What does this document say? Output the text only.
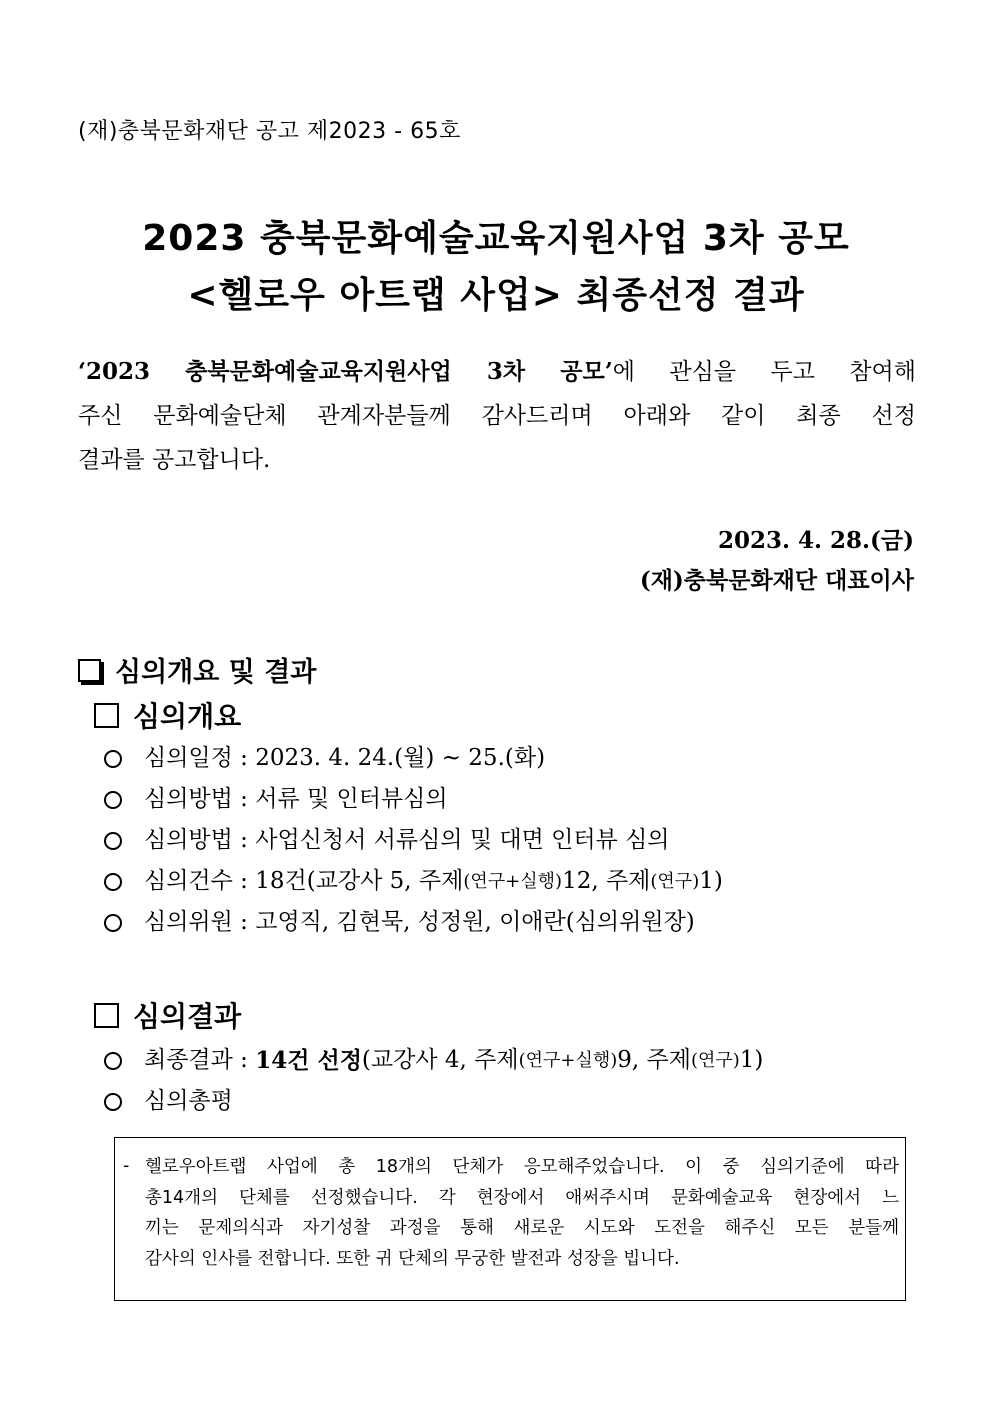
(재)충북문화재단 공고 제2023 - 65호
2023 충북문화예술교육지원사업 3차 공모
<헬로우 아트랩 사업> 최종선정 결과
‘2023 충북문화예술교육지원사업 3차 공모’에 관심을 두고 참여해
주신 문화예술단체 관계자분들께 감사드리며 아래와 같이 최종 선정
결과를 공고합니다.
2023. 4. 28.(금)
(재)충북문화재단 대표이사
심의개요 및 결과
심의개요
심의일정 : 2023. 4. 24.(월) ~ 25.(화)
심의방법 : 서류 및 인터뷰심의
심의방법 : 사업신청서 서류심의 및 대면 인터뷰 심의
심의건수 : 18건(교강사 5, 주제 (연구+실행) 12, 주제 (연구) 1)
심의위원 : 고영직, 김현묵, 성정원, 이애란(심의위원장)
심의결과
최종결과 : 14건 선정 (교강사 4, 주제 (연구+실행) 9, 주제 (연구) 1)
심의총평
- 헬로우아트랩 사업에 총 18개의 단체가 응모해주었습니다. 이 중 심의기준에 따라
총14개의 단체를 선정했습니다. 각 현장에서 애써주시며 문화예술교육 현장에서 느
끼는 문제의식과 자기성찰 과정을 통해 새로운 시도와 도전을 해주신 모든 분들께
감사의 인사를 전합니다. 또한 귀 단체의 무궁한 발전과 성장을 빕니다.
